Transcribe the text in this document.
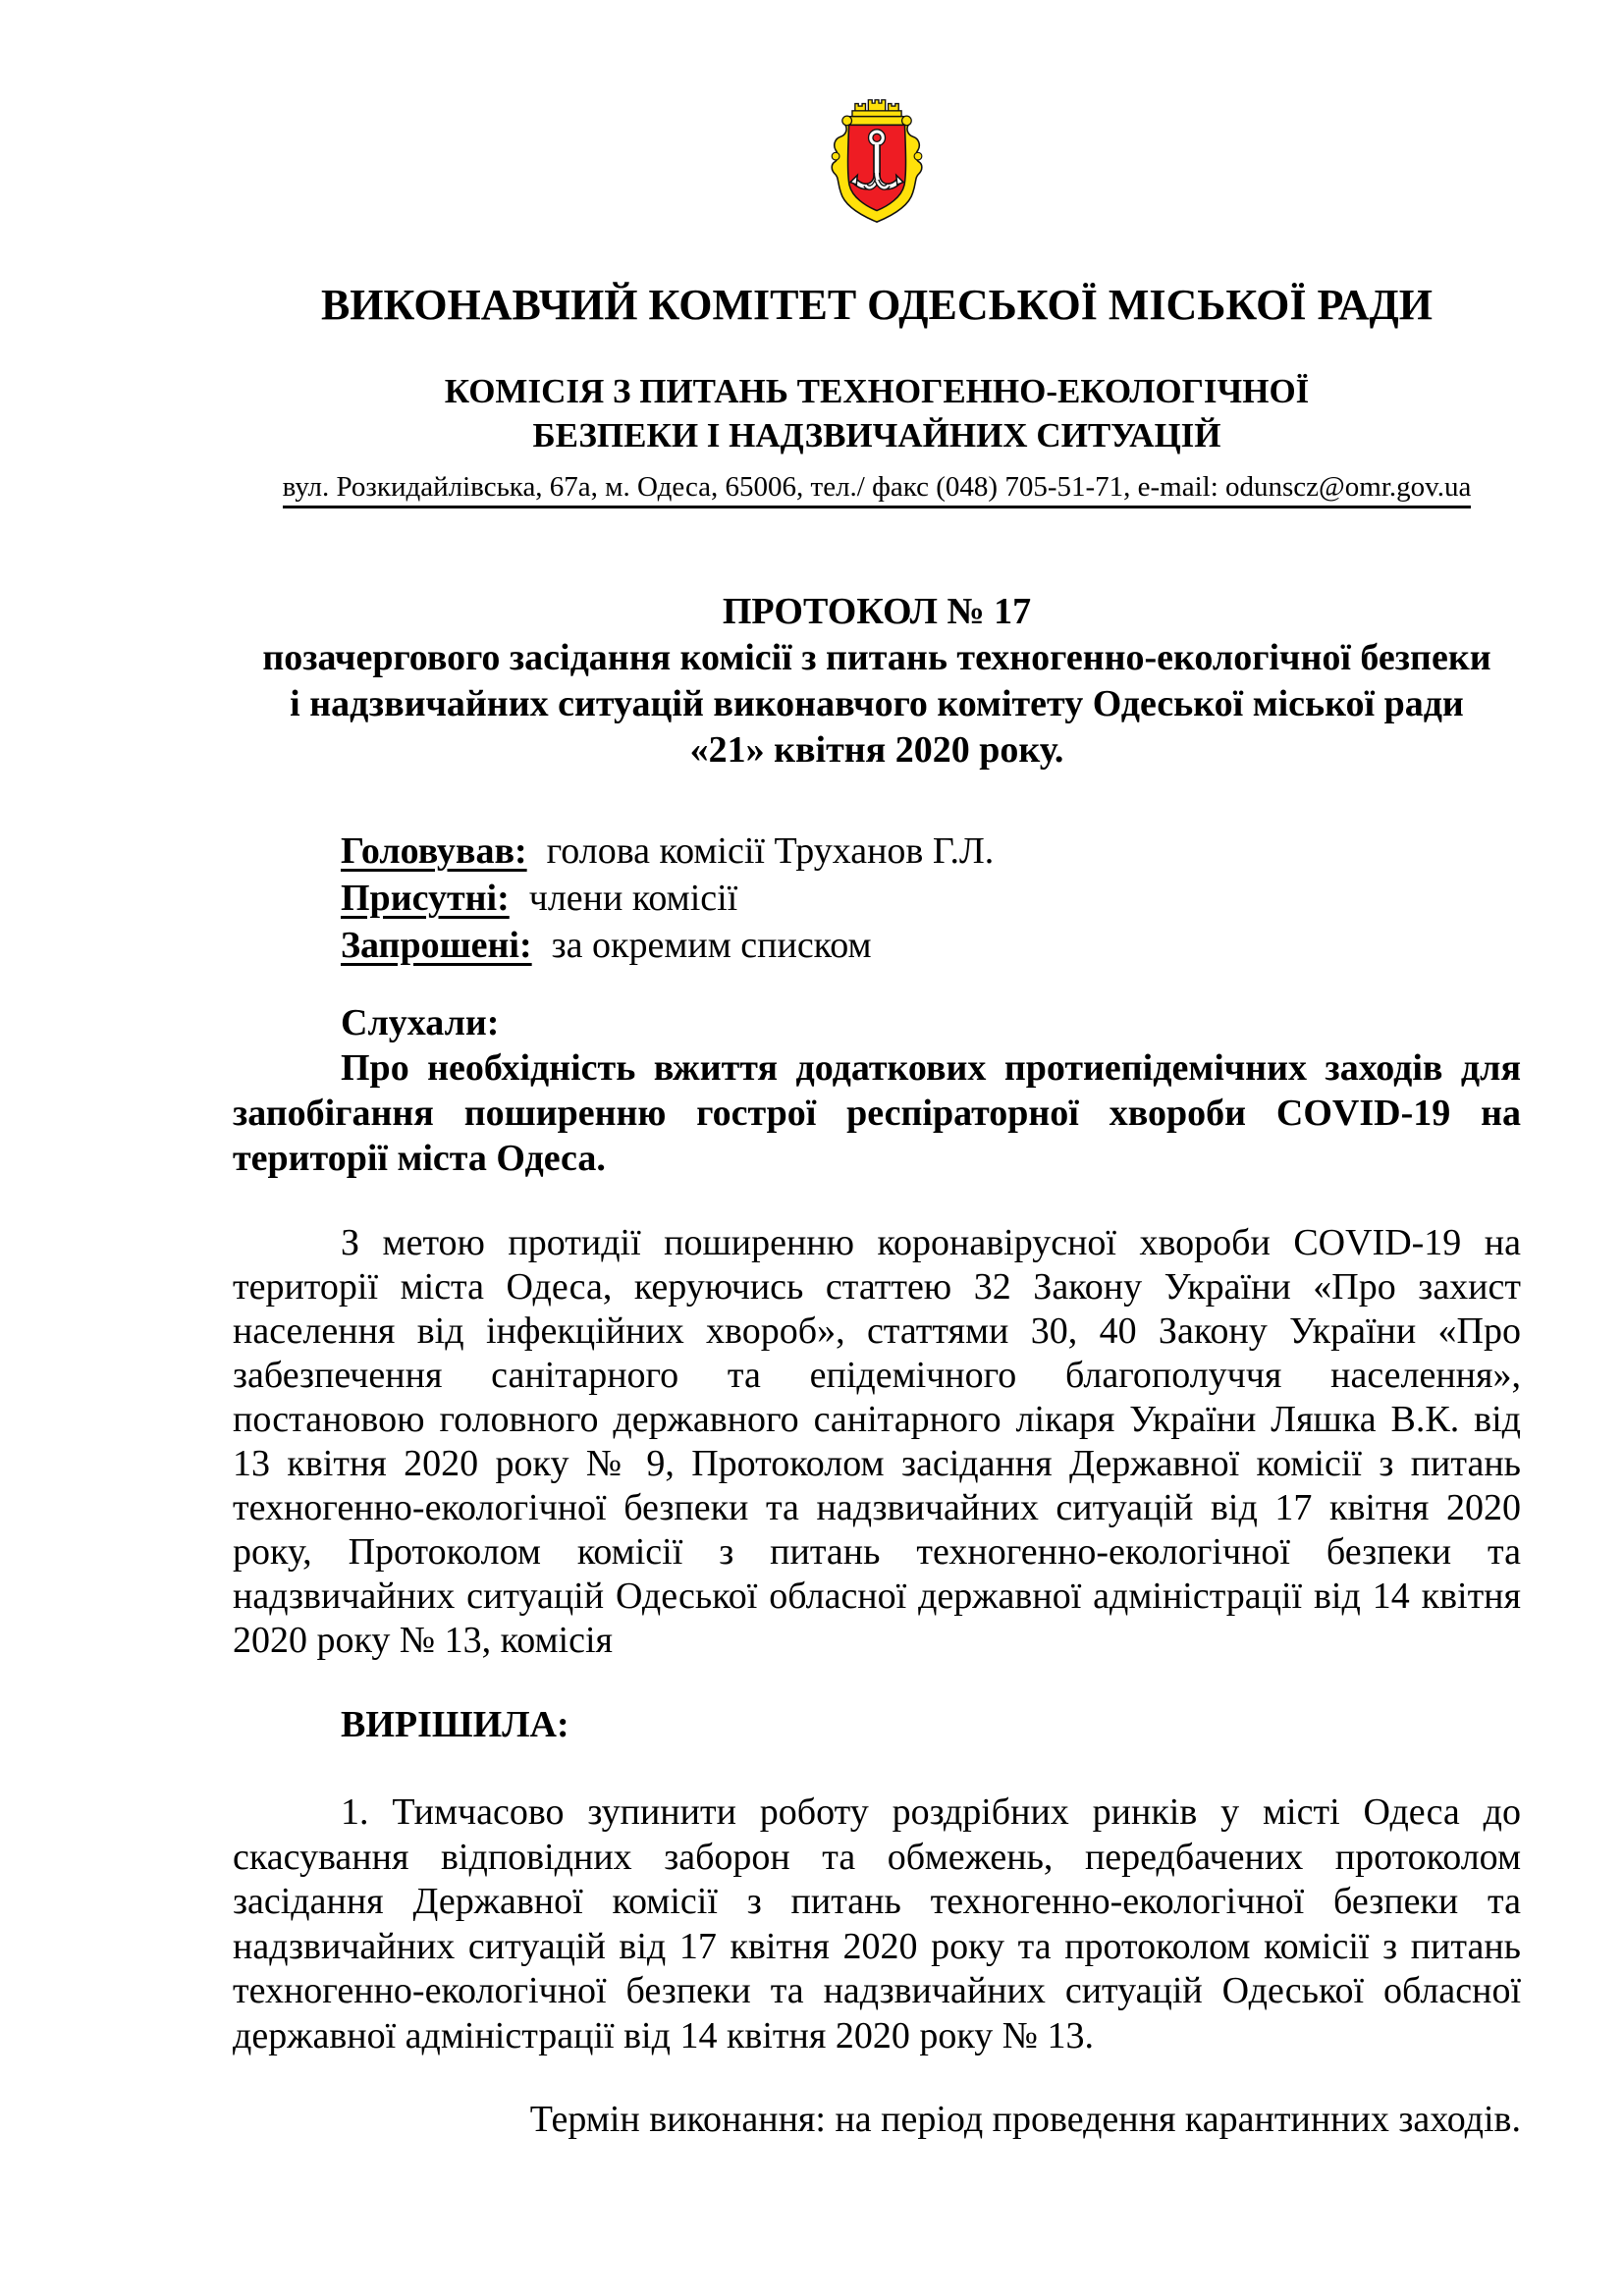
ВИКОНАВЧИЙ КОМІТЕТ ОДЕСЬКОЇ МІСЬКОЇ РАДИ
КОМІСІЯ З ПИТАНЬ ТЕХНОГЕННО-ЕКОЛОГІЧНОЇ
БЕЗПЕКИ І НАДЗВИЧАЙНИХ СИТУАЦІЙ
вул. Розкидайлівська, 67а, м. Одеса, 65006, тел./ факс (048) 705-51-71, e-mail: odunscz@omr.gov.ua
ПРОТОКОЛ № 17
позачергового засідання комісії з питань техногенно-екологічної безпеки
і надзвичайних ситуацій виконавчого комітету Одеської міської ради
«21» квітня 2020 року.
Головував: голова комісії Труханов Г.Л.
Присутні: члени комісії
Запрошені: за окремим списком

Слухали:

Про необхідність вжиття додаткових протиепідемічних заходів для запобігання поширенню гострої респіраторної хвороби COVID-19 на території міста Одеса.

З метою протидії поширенню коронавірусної хвороби COVID-19 на території міста Одеса, керуючись статтею 32 Закону України «Про захист населення від інфекційних хвороб», статтями 30, 40 Закону України «Про забезпечення санітарного та епідемічного благополуччя населення», постановою головного державного санітарного лікаря України Ляшка В.К. від 13 квітня 2020 року № 9, Протоколом засідання Державної комісії з питань техногенно-екологічної безпеки та надзвичайних ситуацій від 17 квітня 2020 року, Протоколом комісії з питань техногенно-екологічної безпеки та надзвичайних ситуацій Одеської обласної державної адміністрації від 14 квітня 2020 року № 13, комісія

ВИРІШИЛА:

1. Тимчасово зупинити роботу роздрібних ринків у місті Одеса до скасування відповідних заборон та обмежень, передбачених протоколом засідання Державної комісії з питань техногенно-екологічної безпеки та надзвичайних ситуацій від 17 квітня 2020 року та протоколом комісії з питань техногенно-екологічної безпеки та надзвичайних ситуацій Одеської обласної державної адміністрації від 14 квітня 2020 року № 13.

Термін виконання: на період проведення карантинних заходів.
